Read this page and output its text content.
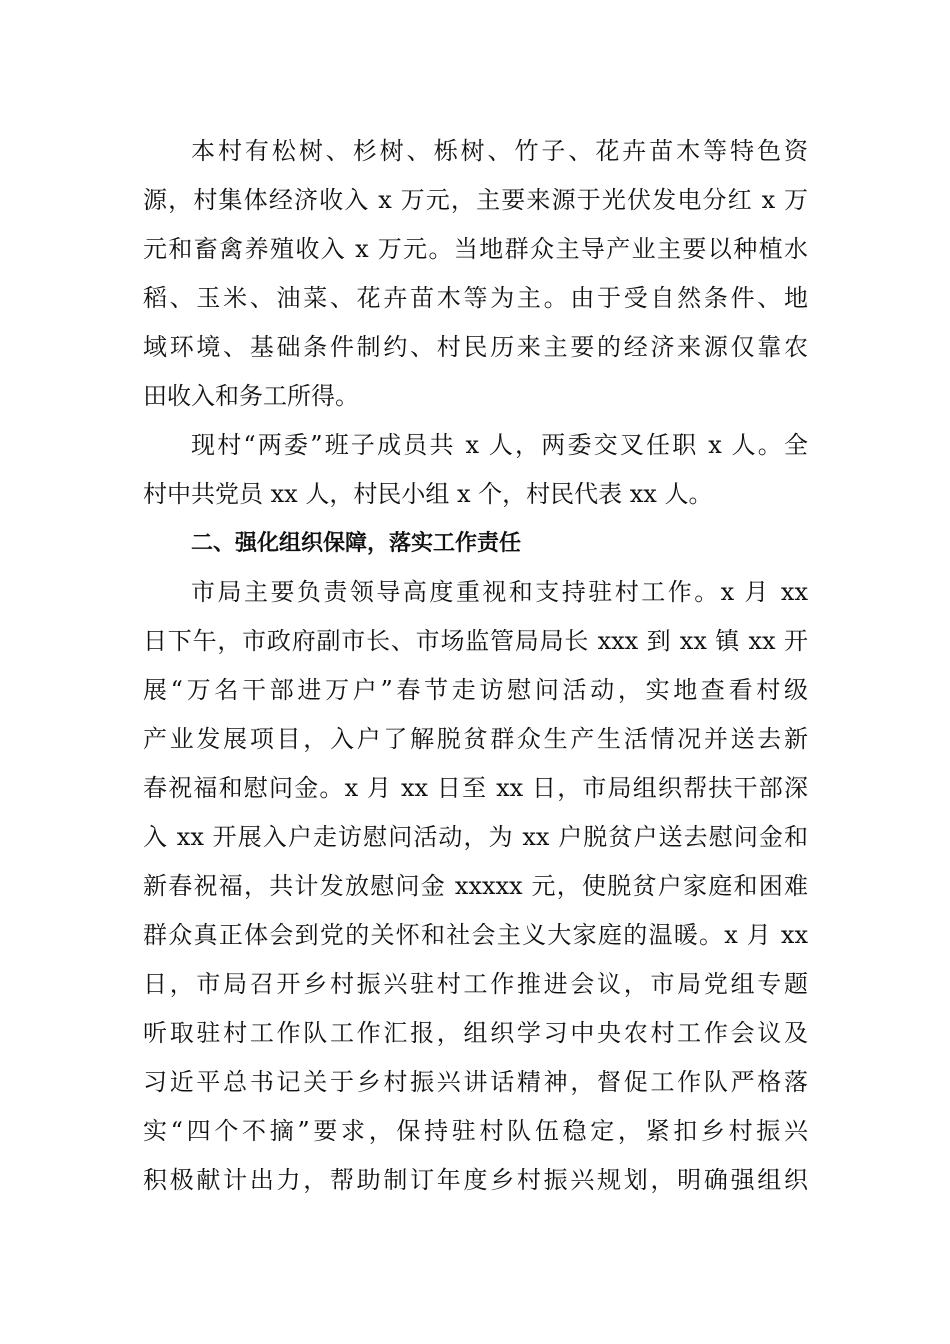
本村有松树、杉树、栎树、竹子、花卉苗木等特色资
源，村集体经济收入 x 万元，主要来源于光伏发电分红 x 万
元和畜禽养殖收入 x 万元。当地群众主导产业主要以种植水
稻、玉米、油菜、花卉苗木等为主。由于受自然条件、地
域环境、基础条件制约、村民历来主要的经济来源仅靠农
田收入和务工所得。
现村“两委”班子成员共 x 人，两委交叉任职 x 人。全
村中共党员 xx 人，村民小组 x 个，村民代表 xx 人。
二、强化组织保障，落实工作责任
市局主要负责领导高度重视和支持驻村工作。x 月 xx
日下午，市政府副市长、市场监管局局长 xxx 到 xx 镇 xx 开
展“万名干部进万户”春节走访慰问活动，实地查看村级
产业发展项目，入户了解脱贫群众生产生活情况并送去新
春祝福和慰问金。x 月 xx 日至 xx 日，市局组织帮扶干部深
入 xx 开展入户走访慰问活动，为 xx 户脱贫户送去慰问金和
新春祝福，共计发放慰问金 xxxxx 元，使脱贫户家庭和困难
群众真正体会到党的关怀和社会主义大家庭的温暖。x 月 xx
日，市局召开乡村振兴驻村工作推进会议，市局党组专题
听取驻村工作队工作汇报，组织学习中央农村工作会议及
习近平总书记关于乡村振兴讲话精神，督促工作队严格落
实“四个不摘”要求，保持驻村队伍稳定，紧扣乡村振兴
积极献计出力，帮助制订年度乡村振兴规划，明确强组织
